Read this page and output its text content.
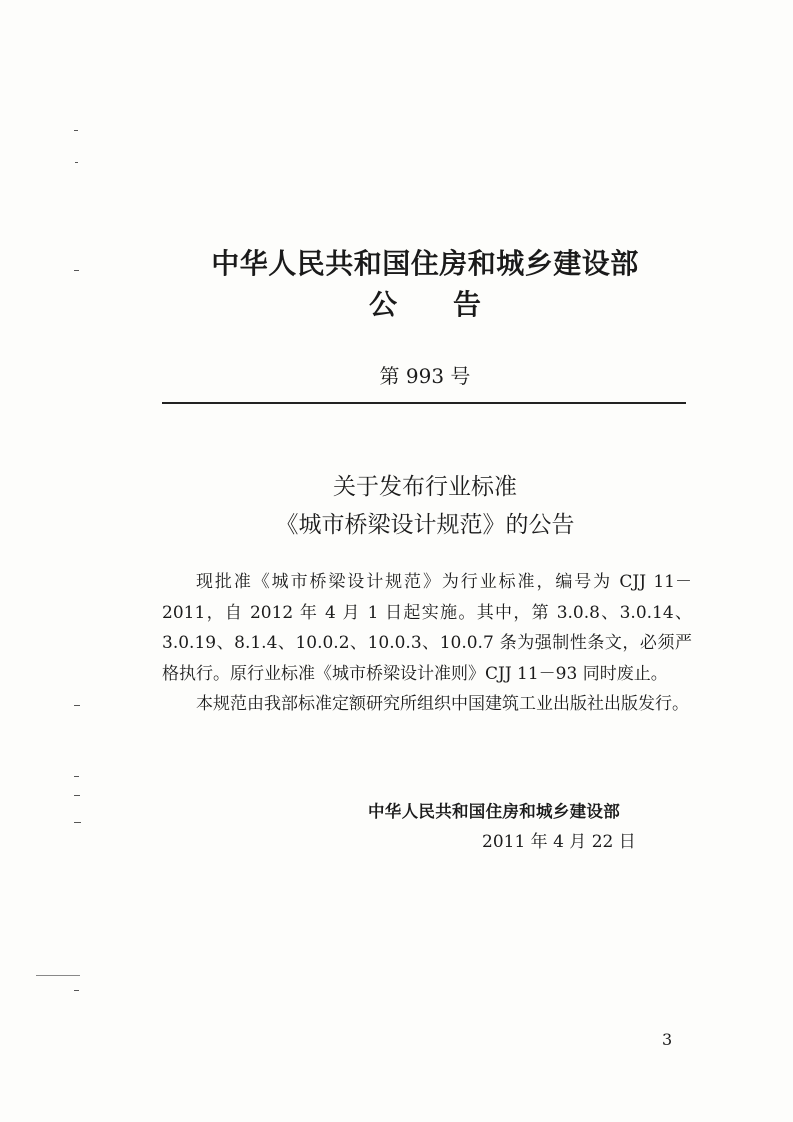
中华人民共和国住房和城乡建设部
公告
第 993 号
关于发布行业标准
《城市桥梁设计规范》的公告

现批准《城市桥梁设计规范》为行业标准，编号为 CJJ 11－2011，自 2012 年 4 月 1 日起实施。其中，第 3.0.8、3.0.14、3.0.19、8.1.4、10.0.2、10.0.3、10.0.7 条为强制性条文，必须严格执行。原行业标准《城市桥梁设计准则》CJJ 11－93 同时废止。

本规范由我部标准定额研究所组织中国建筑工业出版社出版发行。

中华人民共和国住房和城乡建设部
2011 年 4 月 22 日
3
